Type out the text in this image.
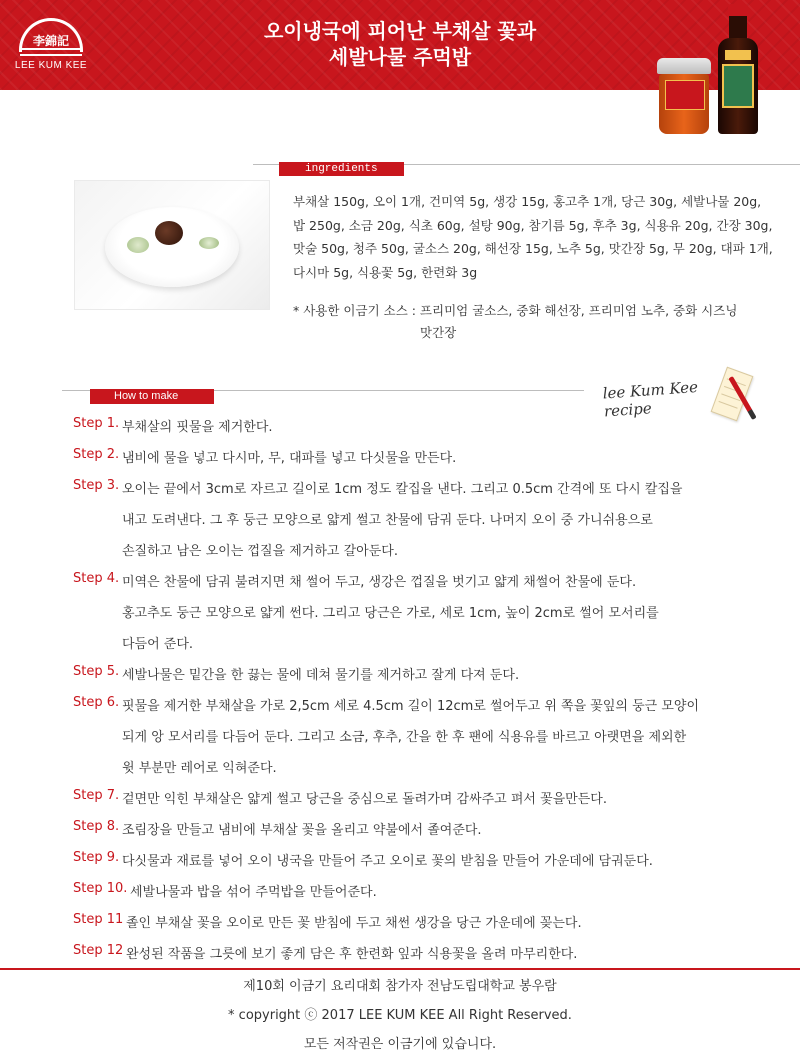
李錦記
LEE KUM KEE
오이냉국에 피어난 부채살 꽃과
세발나물 주먹밥
ingredients
부채살 150g, 오이 1개, 건미역 5g, 생강 15g, 홍고추 1개, 당근 30g, 세발나물 20g,
밥 250g, 소금 20g, 식초 60g, 설탕 90g, 참기름 5g, 후추 3g, 식용유 20g, 간장 30g,
맛술 50g, 청주 50g, 굴소스 20g, 해선장 15g, 노추 5g, 맛간장 5g, 무 20g, 대파 1개,
다시마 5g, 식용꽃 5g, 한련화 3g
* 사용한 이금기 소스 : 프리미엄 굴소스, 중화 해선장, 프리미엄 노추, 중화 시즈닝
맛간장
How to make	lee Kum Kee recipe
Step 1. 부채살의 핏물을 제거한다.
Step 2. 냄비에 물을 넣고 다시마, 무, 대파를 넣고 다싯물을 만든다.
Step 3. 오이는 끝에서 3cm로 자르고 길이로 1cm 정도 칼집을 낸다. 그리고 0.5cm 간격에 또 다시 칼집을
내고 도려낸다. 그 후 둥근 모양으로 얇게 썰고 찬물에 담궈 둔다. 나머지 오이 중 가니쉬용으로
손질하고 남은 오이는 껍질을 제거하고 갈아둔다.
Step 4. 미역은 찬물에 담궈 불려지면 채 썰어 두고, 생강은 껍질을 벗기고 얇게 채썰어 찬물에 둔다.
홍고추도 둥근 모양으로 얇게 썬다. 그리고 당근은 가로, 세로 1cm, 높이 2cm로 썰어 모서리를
다듬어 준다.
Step 5. 세발나물은 밑간을 한 끓는 물에 데쳐 물기를 제거하고 잘게 다져 둔다.
Step 6. 핏물을 제거한 부채살을 가로 2,5cm 세로 4.5cm 길이 12cm로 썰어두고 위 쪽을 꽃잎의 둥근 모양이
되게 앙 모서리를 다듬어 둔다. 그리고 소금, 후추, 간을 한 후 팬에 식용유를 바르고 아랫면을 제외한
윗 부분만 레어로 익혀준다.
Step 7. 겉면만 익힌 부채살은 얇게 썰고 당근을 중심으로 돌려가며 감싸주고 펴서 꽃을만든다.
Step 8. 조림장을 만들고 냄비에 부채살 꽃을 올리고 약불에서 졸여준다.
Step 9. 다싯물과 재료를 넣어 오이 냉국을 만들어 주고 오이로 꽃의 받침을 만들어 가운데에 담궈둔다.
Step 10. 세발나물과 밥을 섞어 주먹밥을 만들어준다.
Step 11 졸인 부채살 꽃을 오이로 만든 꽃 받침에 두고 채썬 생강을 당근 가운데에 꽂는다.
Step 12 완성된 작품을 그릇에 보기 좋게 담은 후 한련화 잎과 식용꽃을 올려 마무리한다.
제10회 이금기 요리대회 참가자 전남도립대학교 봉우람
* copyright ⓒ 2017 LEE KUM KEE All Right Reserved.
모든 저작권은 이금기에 있습니다.
